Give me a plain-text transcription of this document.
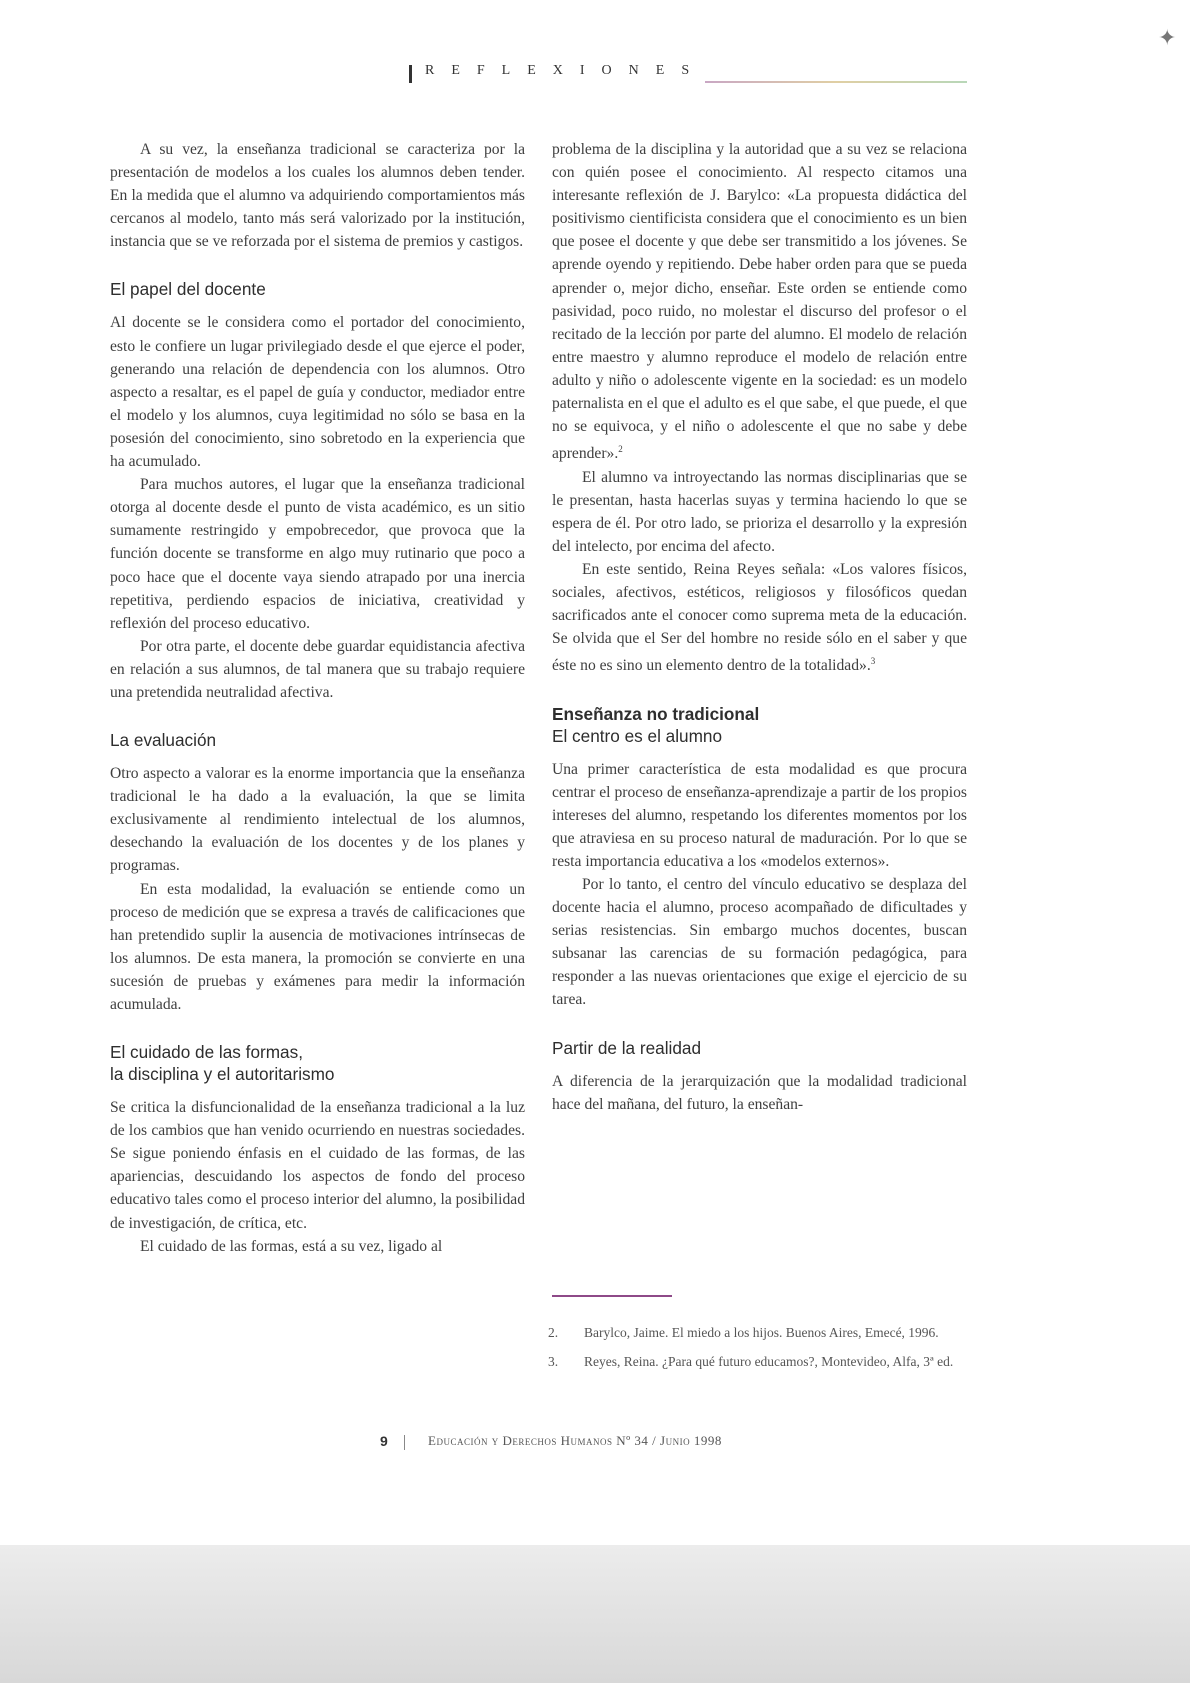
✦
REFLEXIONES

A su vez, la enseñanza tradicional se caracteriza por la presentación de modelos a los cuales los alumnos deben tender. En la medida que el alumno va adquiriendo comportamientos más cercanos al modelo, tanto más será valorizado por la institución, instancia que se ve reforzada por el sistema de premios y castigos.

El papel del docente

Al docente se le considera como el portador del conocimiento, esto le confiere un lugar privilegiado desde el que ejerce el poder, generando una relación de dependencia con los alumnos. Otro aspecto a resaltar, es el papel de guía y conductor, mediador entre el modelo y los alumnos, cuya legitimidad no sólo se basa en la posesión del conocimiento, sino sobretodo en la experiencia que ha acumulado.

Para muchos autores, el lugar que la enseñanza tradicional otorga al docente desde el punto de vista académico, es un sitio sumamente restringido y empobrecedor, que provoca que la función docente se transforme en algo muy rutinario que poco a poco hace que el docente vaya siendo atrapado por una inercia repetitiva, perdiendo espacios de iniciativa, creatividad y reflexión del proceso educativo.

Por otra parte, el docente debe guardar equidistancia afectiva en relación a sus alumnos, de tal manera que su trabajo requiere una pretendida neutralidad afectiva.

La evaluación

Otro aspecto a valorar es la enorme importancia que la enseñanza tradicional le ha dado a la evaluación, la que se limita exclusivamente al rendimiento intelectual de los alumnos, desechando la evaluación de los docentes y de los planes y programas.

En esta modalidad, la evaluación se entiende como un proceso de medición que se expresa a través de calificaciones que han pretendido suplir la ausencia de motivaciones intrínsecas de los alumnos. De esta manera, la promoción se convierte en una sucesión de pruebas y exámenes para medir la información acumulada.

El cuidado de las formas,
la disciplina y el autoritarismo

Se critica la disfuncionalidad de la enseñanza tradicional a la luz de los cambios que han venido ocurriendo en nuestras sociedades. Se sigue poniendo énfasis en el cuidado de las formas, de las apariencias, descuidando los aspectos de fondo del proceso educativo tales como el proceso interior del alumno, la posibilidad de investigación, de crítica, etc.

El cuidado de las formas, está a su vez, ligado al

problema de la disciplina y la autoridad que a su vez se relaciona con quién posee el conocimiento. Al respecto citamos una interesante reflexión de J. Barylco: «La propuesta didáctica del positivismo cientificista considera que el conocimiento es un bien que posee el docente y que debe ser transmitido a los jóvenes. Se aprende oyendo y repitiendo. Debe haber orden para que se pueda aprender o, mejor dicho, enseñar. Este orden se entiende como pasividad, poco ruido, no molestar el discurso del profesor o el recitado de la lección por parte del alumno. El modelo de relación entre maestro y alumno reproduce el modelo de relación entre adulto y niño o adolescente vigente en la sociedad: es un modelo paternalista en el que el adulto es el que sabe, el que puede, el que no se equivoca, y el niño o adolescente el que no sabe y debe aprender».$^2$

El alumno va introyectando las normas disciplinarias que se le presentan, hasta hacerlas suyas y termina haciendo lo que se espera de él. Por otro lado, se prioriza el desarrollo y la expresión del intelecto, por encima del afecto.

En este sentido, Reina Reyes señala: «Los valores físicos, sociales, afectivos, estéticos, religiosos y filosóficos quedan sacrificados ante el conocer como suprema meta de la educación. Se olvida que el Ser del hombre no reside sólo en el saber y que éste no es sino un elemento dentro de la totalidad».$^3$

Enseñanza no tradicional
El centro es el alumno

Una primer característica de esta modalidad es que procura centrar el proceso de enseñanza-aprendizaje a partir de los propios intereses del alumno, respetando los diferentes momentos por los que atraviesa en su proceso natural de maduración. Por lo que se resta importancia educativa a los «modelos externos».

Por lo tanto, el centro del vínculo educativo se desplaza del docente hacia el alumno, proceso acompañado de dificultades y serias resistencias. Sin embargo muchos docentes, buscan subsanar las carencias de su formación pedagógica, para responder a las nuevas orientaciones que exige el ejercicio de su tarea.

Partir de la realidad

A diferencia de la jerarquización que la modalidad tradicional hace del mañana, del futuro, la enseñan-

2.	Barylco, Jaime. El miedo a los hijos. Buenos Aires, Emecé, 1996.
3.	Reyes, Reina. ¿Para qué futuro educamos?, Montevideo, Alfa, 3ª ed.
9	Educación y Derechos Humanos Nº 34 / Junio 1998
